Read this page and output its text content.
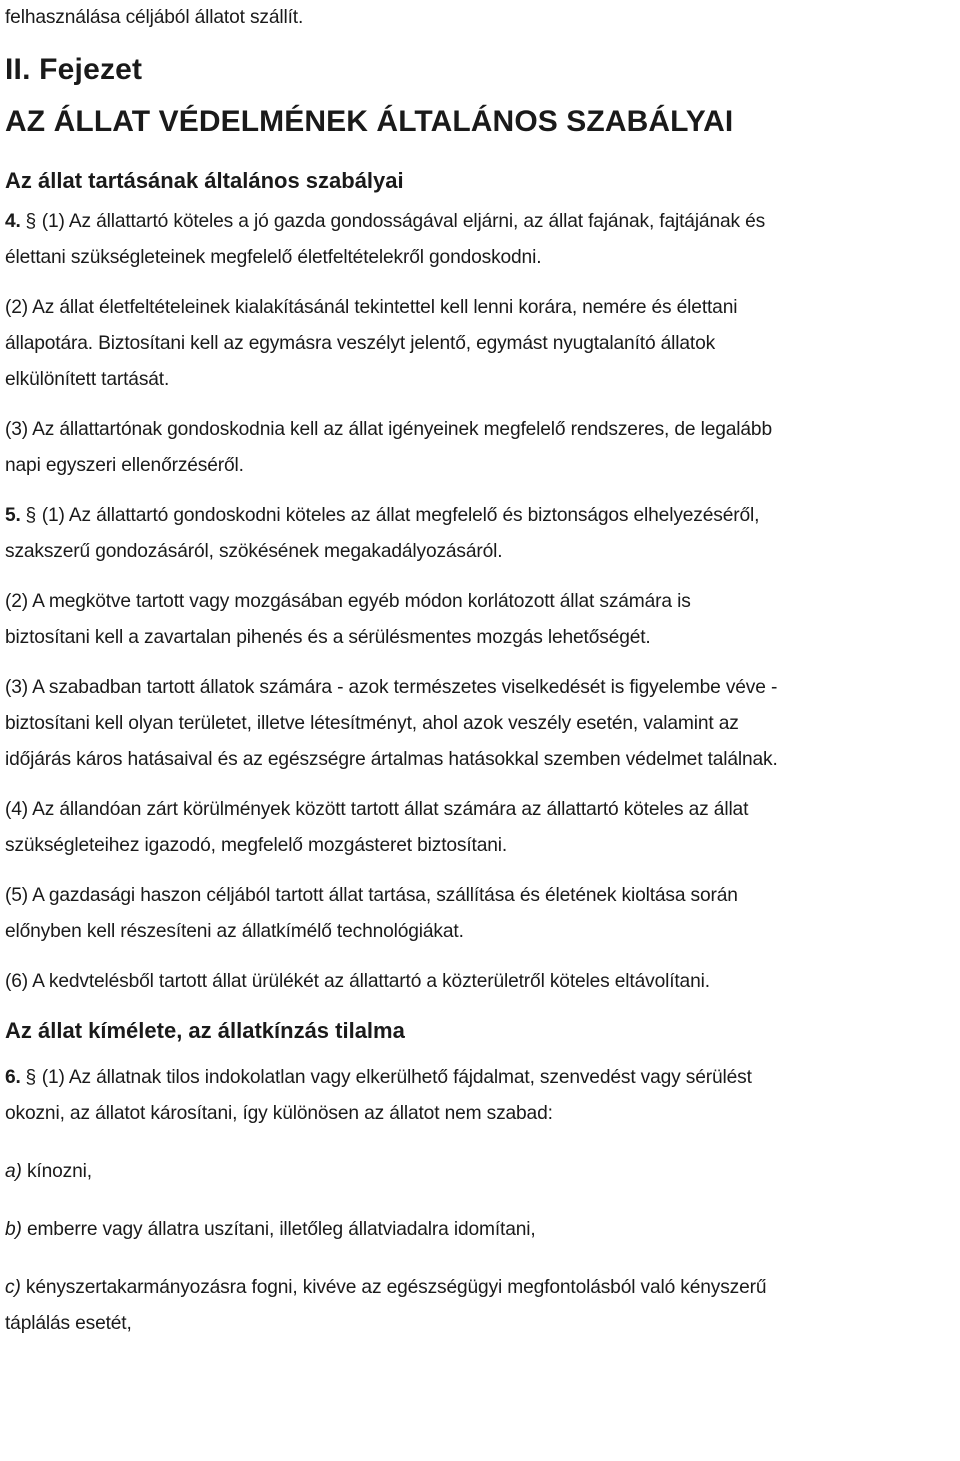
felhasználása céljából állatot szállít.

II. Fejezet

AZ ÁLLAT VÉDELMÉNEK ÁLTALÁNOS SZABÁLYAI

Az állat tartásának általános szabályai

4. § (1) Az állattartó köteles a jó gazda gondosságával eljárni, az állat fajának, fajtájának és

élettani szükségleteinek megfelelő életfeltételekről gondoskodni.

(2) Az állat életfeltételeinek kialakításánál tekintettel kell lenni korára, nemére és élettani

állapotára. Biztosítani kell az egymásra veszélyt jelentő, egymást nyugtalanító állatok

elkülönített tartását.

(3) Az állattartónak gondoskodnia kell az állat igényeinek megfelelő rendszeres, de legalább

napi egyszeri ellenőrzéséről.

5. § (1) Az állattartó gondoskodni köteles az állat megfelelő és biztonságos elhelyezéséről,

szakszerű gondozásáról, szökésének megakadályozásáról.

(2) A megkötve tartott vagy mozgásában egyéb módon korlátozott állat számára is

biztosítani kell a zavartalan pihenés és a sérülésmentes mozgás lehetőségét.

(3) A szabadban tartott állatok számára - azok természetes viselkedését is figyelembe véve -

biztosítani kell olyan területet, illetve létesítményt, ahol azok veszély esetén, valamint az

időjárás káros hatásaival és az egészségre ártalmas hatásokkal szemben védelmet találnak.

(4) Az állandóan zárt körülmények között tartott állat számára az állattartó köteles az állat

szükségleteihez igazodó, megfelelő mozgásteret biztosítani.

(5) A gazdasági haszon céljából tartott állat tartása, szállítása és életének kioltása során

előnyben kell részesíteni az állatkímélő technológiákat.

(6) A kedvtelésből tartott állat ürülékét az állattartó a közterületről köteles eltávolítani.

Az állat kímélete, az állatkínzás tilalma

6. § (1) Az állatnak tilos indokolatlan vagy elkerülhető fájdalmat, szenvedést vagy sérülést

okozni, az állatot károsítani, így különösen az állatot nem szabad:

a) kínozni,

b) emberre vagy állatra uszítani, illetőleg állatviadalra idomítani,

c) kényszertakarmányozásra fogni, kivéve az egészségügyi megfontolásból való kényszerű

táplálás esetét,
